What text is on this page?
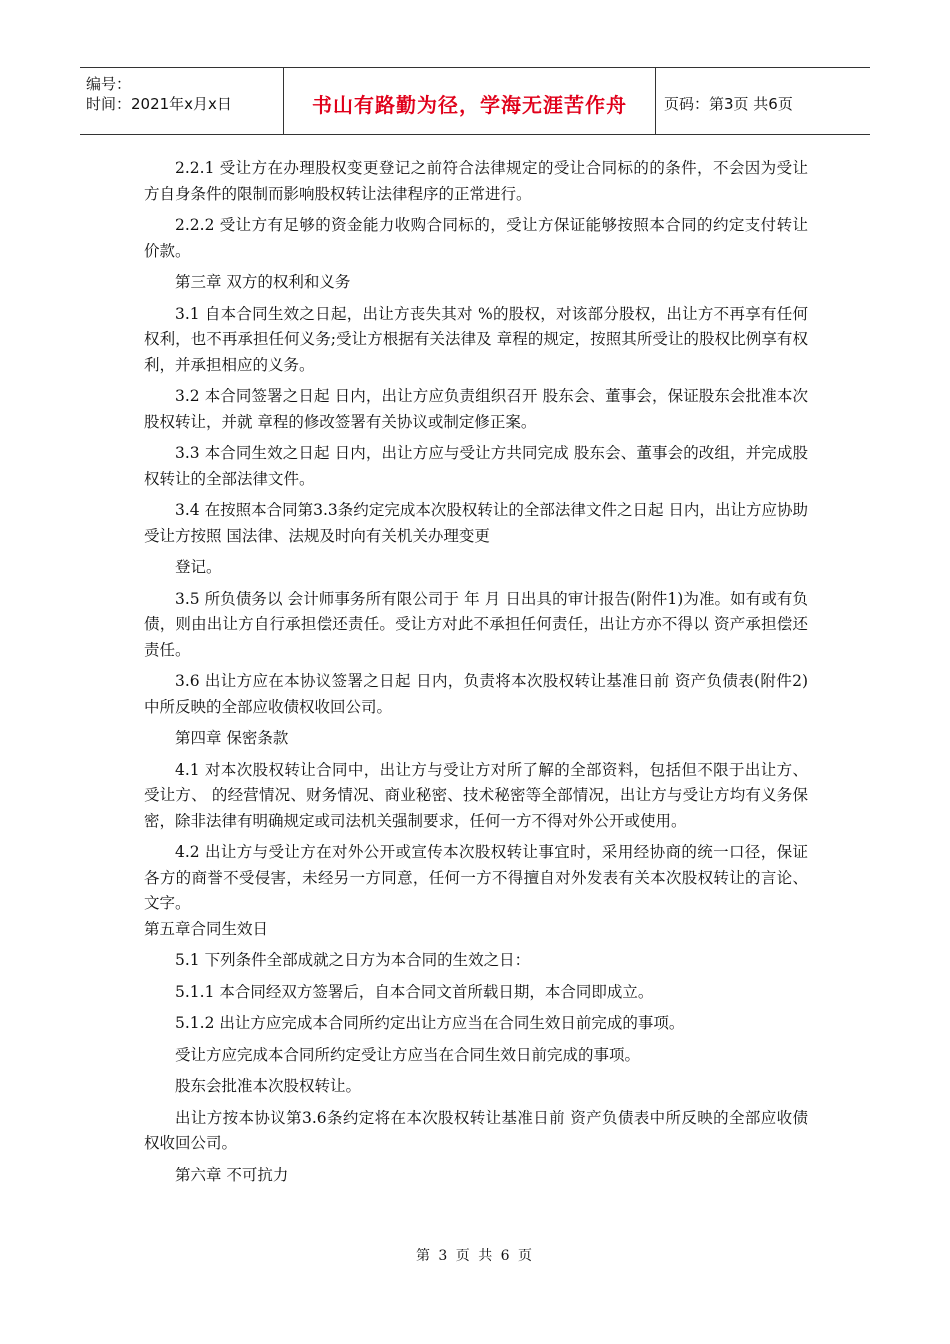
编号：
时间：2021年x月x日	书山有路勤为径，学海无涯苦作舟	页码：第3页 共6页

2.2.1 受让方在办理股权变更登记之前符合法律规定的受让合同标的的条件，不会因为受让方自身条件的限制而影响股权转让法律程序的正常进行。

2.2.2 受让方有足够的资金能力收购合同标的，受让方保证能够按照本合同的约定支付转让价款。

第三章 双方的权利和义务

3.1 自本合同生效之日起，出让方丧失其对 %的股权，对该部分股权，出让方不再享有任何权利，也不再承担任何义务;受让方根据有关法律及 章程的规定，按照其所受让的股权比例享有权利，并承担相应的义务。

3.2 本合同签署之日起 日内，出让方应负责组织召开 股东会、董事会，保证股东会批准本次股权转让，并就 章程的修改签署有关协议或制定修正案。

3.3 本合同生效之日起 日内，出让方应与受让方共同完成 股东会、董事会的改组，并完成股权转让的全部法律文件。

3.4 在按照本合同第3.3条约定完成本次股权转让的全部法律文件之日起 日内，出让方应协助受让方按照 国法律、法规及时向有关机关办理变更

登记。

3.5 所负债务以 会计师事务所有限公司于 年 月 日出具的审计报告(附件1)为准。如有或有负债，则由出让方自行承担偿还责任。受让方对此不承担任何责任，出让方亦不得以 资产承担偿还责任。

3.6 出让方应在本协议签署之日起 日内，负责将本次股权转让基准日前 资产负债表(附件2)中所反映的全部应收债权收回公司。

第四章 保密条款

4.1 对本次股权转让合同中，出让方与受让方对所了解的全部资料，包括但不限于出让方、受让方、 的经营情况、财务情况、商业秘密、技术秘密等全部情况，出让方与受让方均有义务保密，除非法律有明确规定或司法机关强制要求，任何一方不得对外公开或使用。

4.2 出让方与受让方在对外公开或宣传本次股权转让事宜时，采用经协商的统一口径，保证各方的商誉不受侵害，未经另一方同意，任何一方不得擅自对外发表有关本次股权转让的言论、文字。

第五章合同生效日

5.1 下列条件全部成就之日方为本合同的生效之日：

5.1.1 本合同经双方签署后，自本合同文首所载日期，本合同即成立。

5.1.2 出让方应完成本合同所约定出让方应当在合同生效日前完成的事项。

受让方应完成本合同所约定受让方应当在合同生效日前完成的事项。

股东会批准本次股权转让。

出让方按本协议第3.6条约定将在本次股权转让基准日前 资产负债表中所反映的全部应收债权收回公司。

第六章 不可抗力

第 3 页 共 6 页
